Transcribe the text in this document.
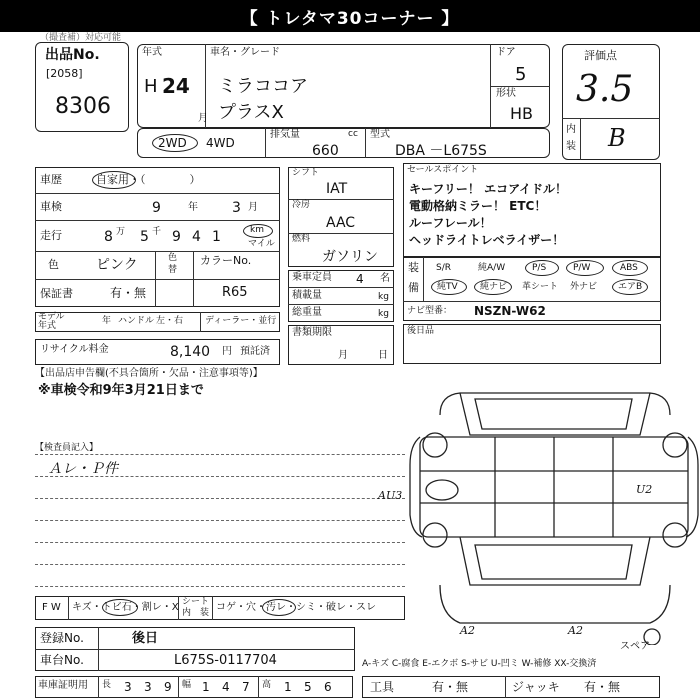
【 トレタマ30コーナー 】
（撮査補）対応可能
出品No.
[2058]
8306
年式
H 24
月
車名・グレード
ミラココア
プラスX
ドア
5
形状
HB
評価点
3.5
内
装 B
2WD 4WD
排気量	cc
660
型式
DBA －L675S
車歴	自家用・（　　　　）
車検	9	年 3 月
走行	8 万 5 千 9 4 1	km
マイル
色	ピンク	色
替
カラーNo.
保証書	有・無	R65
モデル
年式	年 ハンドル 左・右 ディーラー・並行
リサイクル料金	8,140 円 預託済
シフト
IAT
冷房
AAC
燃料
ガソリン
乗車定員 4 名
積載量	kg
総重量	kg
書類期限
月	日
セールスポイント
キーフリー！ エコアイドル！
電動格納ミラー！ ETC！
ルーフレール！
ヘッドライトレベライザー！
装
備
S/R	純A/W	P/S	P/W	ABS
純TV 純ナビ 革シート 外ナビ エアB
ナビ型番： NSZN-W62
後日品
【出品店申告欄(不具合箇所・欠品・注意事項等)】
※車検令和9年3月21日まで
【検査員記入】
Ａレ・Ｐ件
AU3	U2
A2	A2
スペア
F W キズ・トビ石・割レ・X シート
内　装 コゲ・穴・汚レ・シミ・破レ・スレ
登録No.	後日
車台No.	L675S-0117704	A-キズ C-腐食 E-エクボ S-サビ U-凹ミ W-補修 XX-交換済
車庫証明用 長 3 3 9 幅 1 4 7 高 1 5 6	工具	有・無	ジャッキ 有・無
